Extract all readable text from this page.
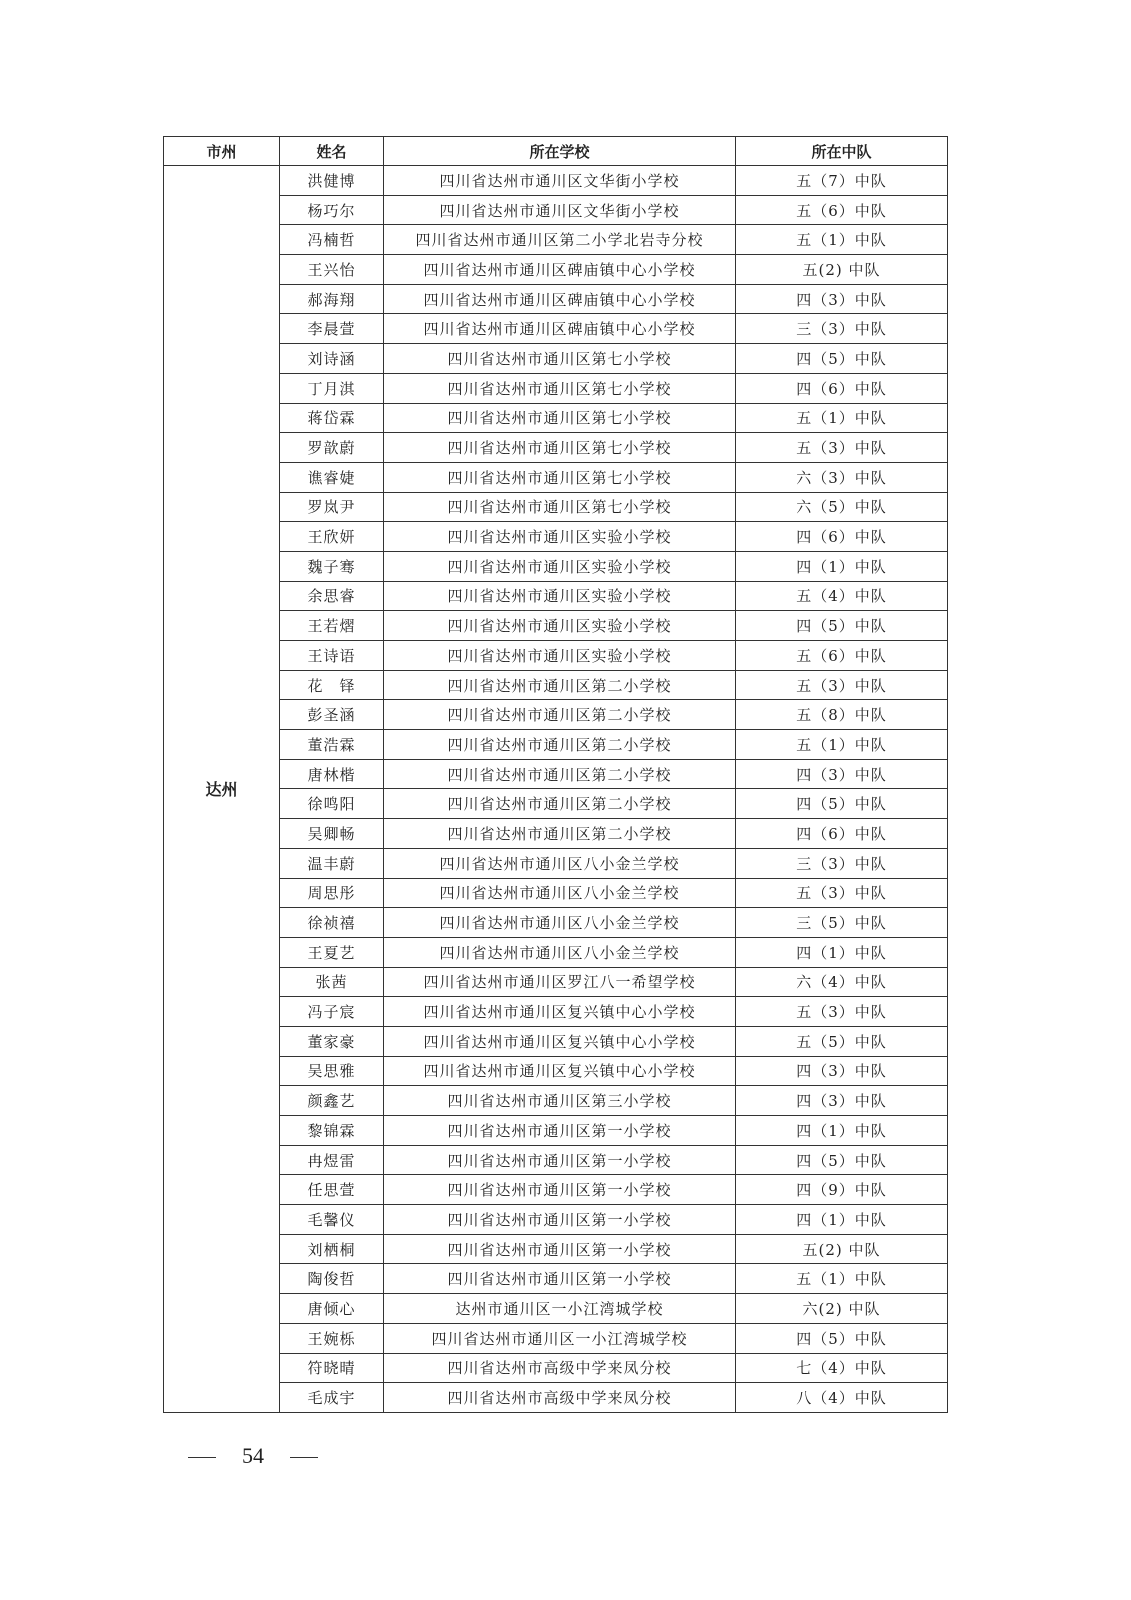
市州	姓名	所在学校	所在中队
达州	洪健博	四川省达州市通川区文华街小学校	五（7）中队
	杨巧尔	四川省达州市通川区文华街小学校	五（6）中队
	冯楠哲	四川省达州市通川区第二小学北岩寺分校	五（1）中队
	王兴怡	四川省达州市通川区碑庙镇中心小学校	五(2) 中队
	郝海翔	四川省达州市通川区碑庙镇中心小学校	四（3）中队
	李晨萱	四川省达州市通川区碑庙镇中心小学校	三（3）中队
	刘诗涵	四川省达州市通川区第七小学校	四（5）中队
	丁月淇	四川省达州市通川区第七小学校	四（6）中队
	蒋岱霖	四川省达州市通川区第七小学校	五（1）中队
	罗歆蔚	四川省达州市通川区第七小学校	五（3）中队
	谯睿婕	四川省达州市通川区第七小学校	六（3）中队
	罗岚尹	四川省达州市通川区第七小学校	六（5）中队
	王欣妍	四川省达州市通川区实验小学校	四（6）中队
	魏子骞	四川省达州市通川区实验小学校	四（1）中队
	余思睿	四川省达州市通川区实验小学校	五（4）中队
	王若熠	四川省达州市通川区实验小学校	四（5）中队
	王诗语	四川省达州市通川区实验小学校	五（6）中队
	花　铎	四川省达州市通川区第二小学校	五（3）中队
	彭圣涵	四川省达州市通川区第二小学校	五（8）中队
	董浩霖	四川省达州市通川区第二小学校	五（1）中队
	唐林楷	四川省达州市通川区第二小学校	四（3）中队
	徐鸣阳	四川省达州市通川区第二小学校	四（5）中队
	吴卿畅	四川省达州市通川区第二小学校	四（6）中队
	温丰蔚	四川省达州市通川区八小金兰学校	三（3）中队
	周思彤	四川省达州市通川区八小金兰学校	五（3）中队
	徐祯禧	四川省达州市通川区八小金兰学校	三（5）中队
	王夏艺	四川省达州市通川区八小金兰学校	四（1）中队
	张茜	四川省达州市通川区罗江八一希望学校	六（4）中队
	冯子宸	四川省达州市通川区复兴镇中心小学校	五（3）中队
	董家豪	四川省达州市通川区复兴镇中心小学校	五（5）中队
	吴思雅	四川省达州市通川区复兴镇中心小学校	四（3）中队
	颜鑫艺	四川省达州市通川区第三小学校	四（3）中队
	黎锦霖	四川省达州市通川区第一小学校	四（1）中队
	冉煜雷	四川省达州市通川区第一小学校	四（5）中队
	任思萱	四川省达州市通川区第一小学校	四（9）中队
	毛馨仪	四川省达州市通川区第一小学校	四（1）中队
	刘栖桐	四川省达州市通川区第一小学校	五(2) 中队
	陶俊哲	四川省达州市通川区第一小学校	五（1）中队
	唐倾心	达州市通川区一小江湾城学校	六(2) 中队
	王婉栎	四川省达州市通川区一小江湾城学校	四（5）中队
	符晓晴	四川省达州市高级中学来凤分校	七（4）中队
	毛成宇	四川省达州市高级中学来凤分校	八（4）中队
54
